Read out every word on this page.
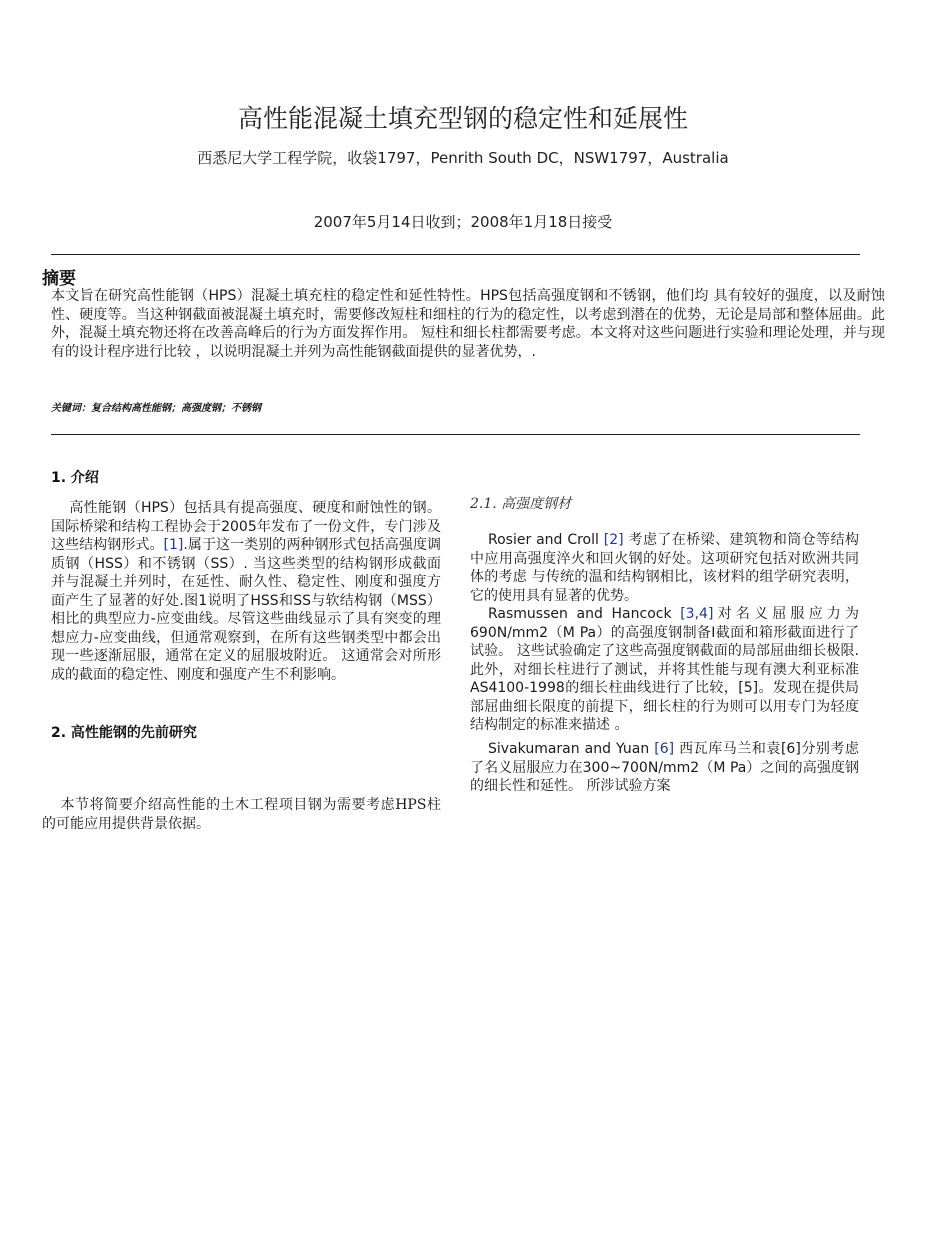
高性能混凝土填充型钢的稳定性和延展性
西悉尼大学工程学院，收袋1797，Penrith South DC，NSW1797，Australia
2007年5月14日收到；2008年1月18日接受
摘要
本文旨在研究高性能钢（HPS）混凝土填充柱的稳定性和延性特性。HPS包括高强度钢和不锈钢，他们均 具有较好的强度，以及耐蚀性、硬度等。当这种钢截面被混凝土填充时，需要修改短柱和细柱的行为的稳定性，以考虑到潜在的优势，无论是局部和整体屈曲。此外，混凝土填充物还将在改善高峰后的行为方面发挥作用。 短柱和细长柱都需要考虑。本文将对这些问题进行实验和理论处理，并与现有的设计程序进行比较 ，以说明混凝土并列为高性能钢截面提供的显著优势，.
关键词：复合结构高性能钢；高强度钢；不锈钢
1. 介绍
高性能钢（HPS）包括具有提高强度、硬度和耐蚀性的钢。 国际桥梁和结构工程协会于2005年发布了一份文件，专门涉及这些结构钢形式。[1].属于这一类别的两种钢形式包括高强度调质钢（HSS）和不锈钢（SS）. 当这些类型的结构钢形成截面并与混凝土并列时，在延性、耐久性、稳定性、刚度和强度方面产生了显著的好处.图1说明了HSS和SS与软结构钢（MSS）相比的典型应力-应变曲线。尽管这些曲线显示了具有突变的理想应力-应变曲线，但通常观察到，在所有这些钢类型中都会出现一些逐渐屈服，通常在定义的屈服坡附近。 这通常会对所形成的截面的稳定性、刚度和强度产生不利影响。
2. 高性能钢的先前研究
本节将简要介绍高性能的土木工程项目钢为需要考虑HPS柱的可能应用提供背景依据。
2.1. 高强度钢材
Rosier and Croll [2] 考虑了在桥梁、建筑物和筒仓等结构中应用高强度淬火和回火钢的好处。这项研究包括对欧洲共同体的考虑 与传统的温和结构钢相比，该材料的组学研究表明，它的使用具有显著的优势。
Rasmussen and Hancock [3,4]对名义屈服应力为690N/mm2（M Pa）的高强度钢制备I截面和箱形截面进行了试验。 这些试验确定了这些高强度钢截面的局部屈曲细长极限. 此外，对细长柱进行了测试，并将其性能与现有澳大利亚标准AS4100-1998的细长柱曲线进行了比较，[5]。发现在提供局部屈曲细长限度的前提下，细长柱的行为则可以用专门为轻度结构制定的标准来描述 。
Sivakumaran and Yuan [6] 西瓦库马兰和袁[6]分别考虑了名义屈服应力在300~700N/mm2（M Pa）之间的高强度钢的细长性和延性。 所涉试验方案
